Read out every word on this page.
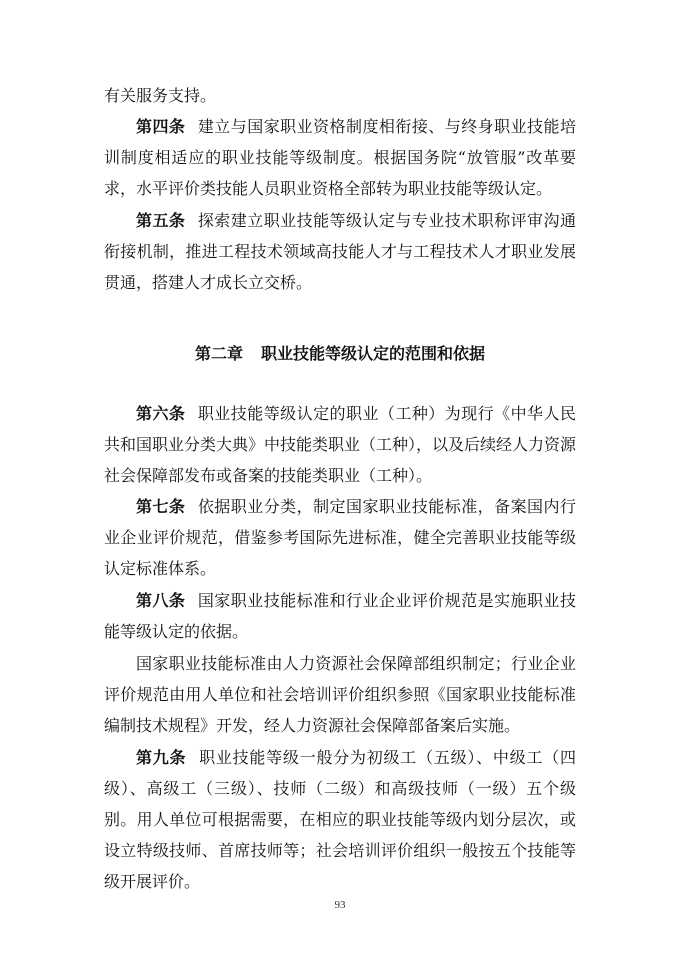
有关服务支持。

第四条 建立与国家职业资格制度相衔接、与终身职业技能培训制度相适应的职业技能等级制度。根据国务院“放管服”改革要求，水平评价类技能人员职业资格全部转为职业技能等级认定。

第五条 探索建立职业技能等级认定与专业技术职称评审沟通衔接机制，推进工程技术领域高技能人才与工程技术人才职业发展贯通，搭建人才成长立交桥。

第二章 职业技能等级认定的范围和依据

第六条 职业技能等级认定的职业（工种）为现行《中华人民共和国职业分类大典》中技能类职业（工种），以及后续经人力资源社会保障部发布或备案的技能类职业（工种）。

第七条 依据职业分类，制定国家职业技能标准，备案国内行业企业评价规范，借鉴参考国际先进标准，健全完善职业技能等级认定标准体系。

第八条 国家职业技能标准和行业企业评价规范是实施职业技能等级认定的依据。

国家职业技能标准由人力资源社会保障部组织制定；行业企业评价规范由用人单位和社会培训评价组织参照《国家职业技能标准编制技术规程》开发，经人力资源社会保障部备案后实施。

第九条 职业技能等级一般分为初级工（五级）、中级工（四级）、高级工（三级）、技师（二级）和高级技师（一级）五个级别。用人单位可根据需要，在相应的职业技能等级内划分层次，或设立特级技师、首席技师等；社会培训评价组织一般按五个技能等级开展评价。

93
